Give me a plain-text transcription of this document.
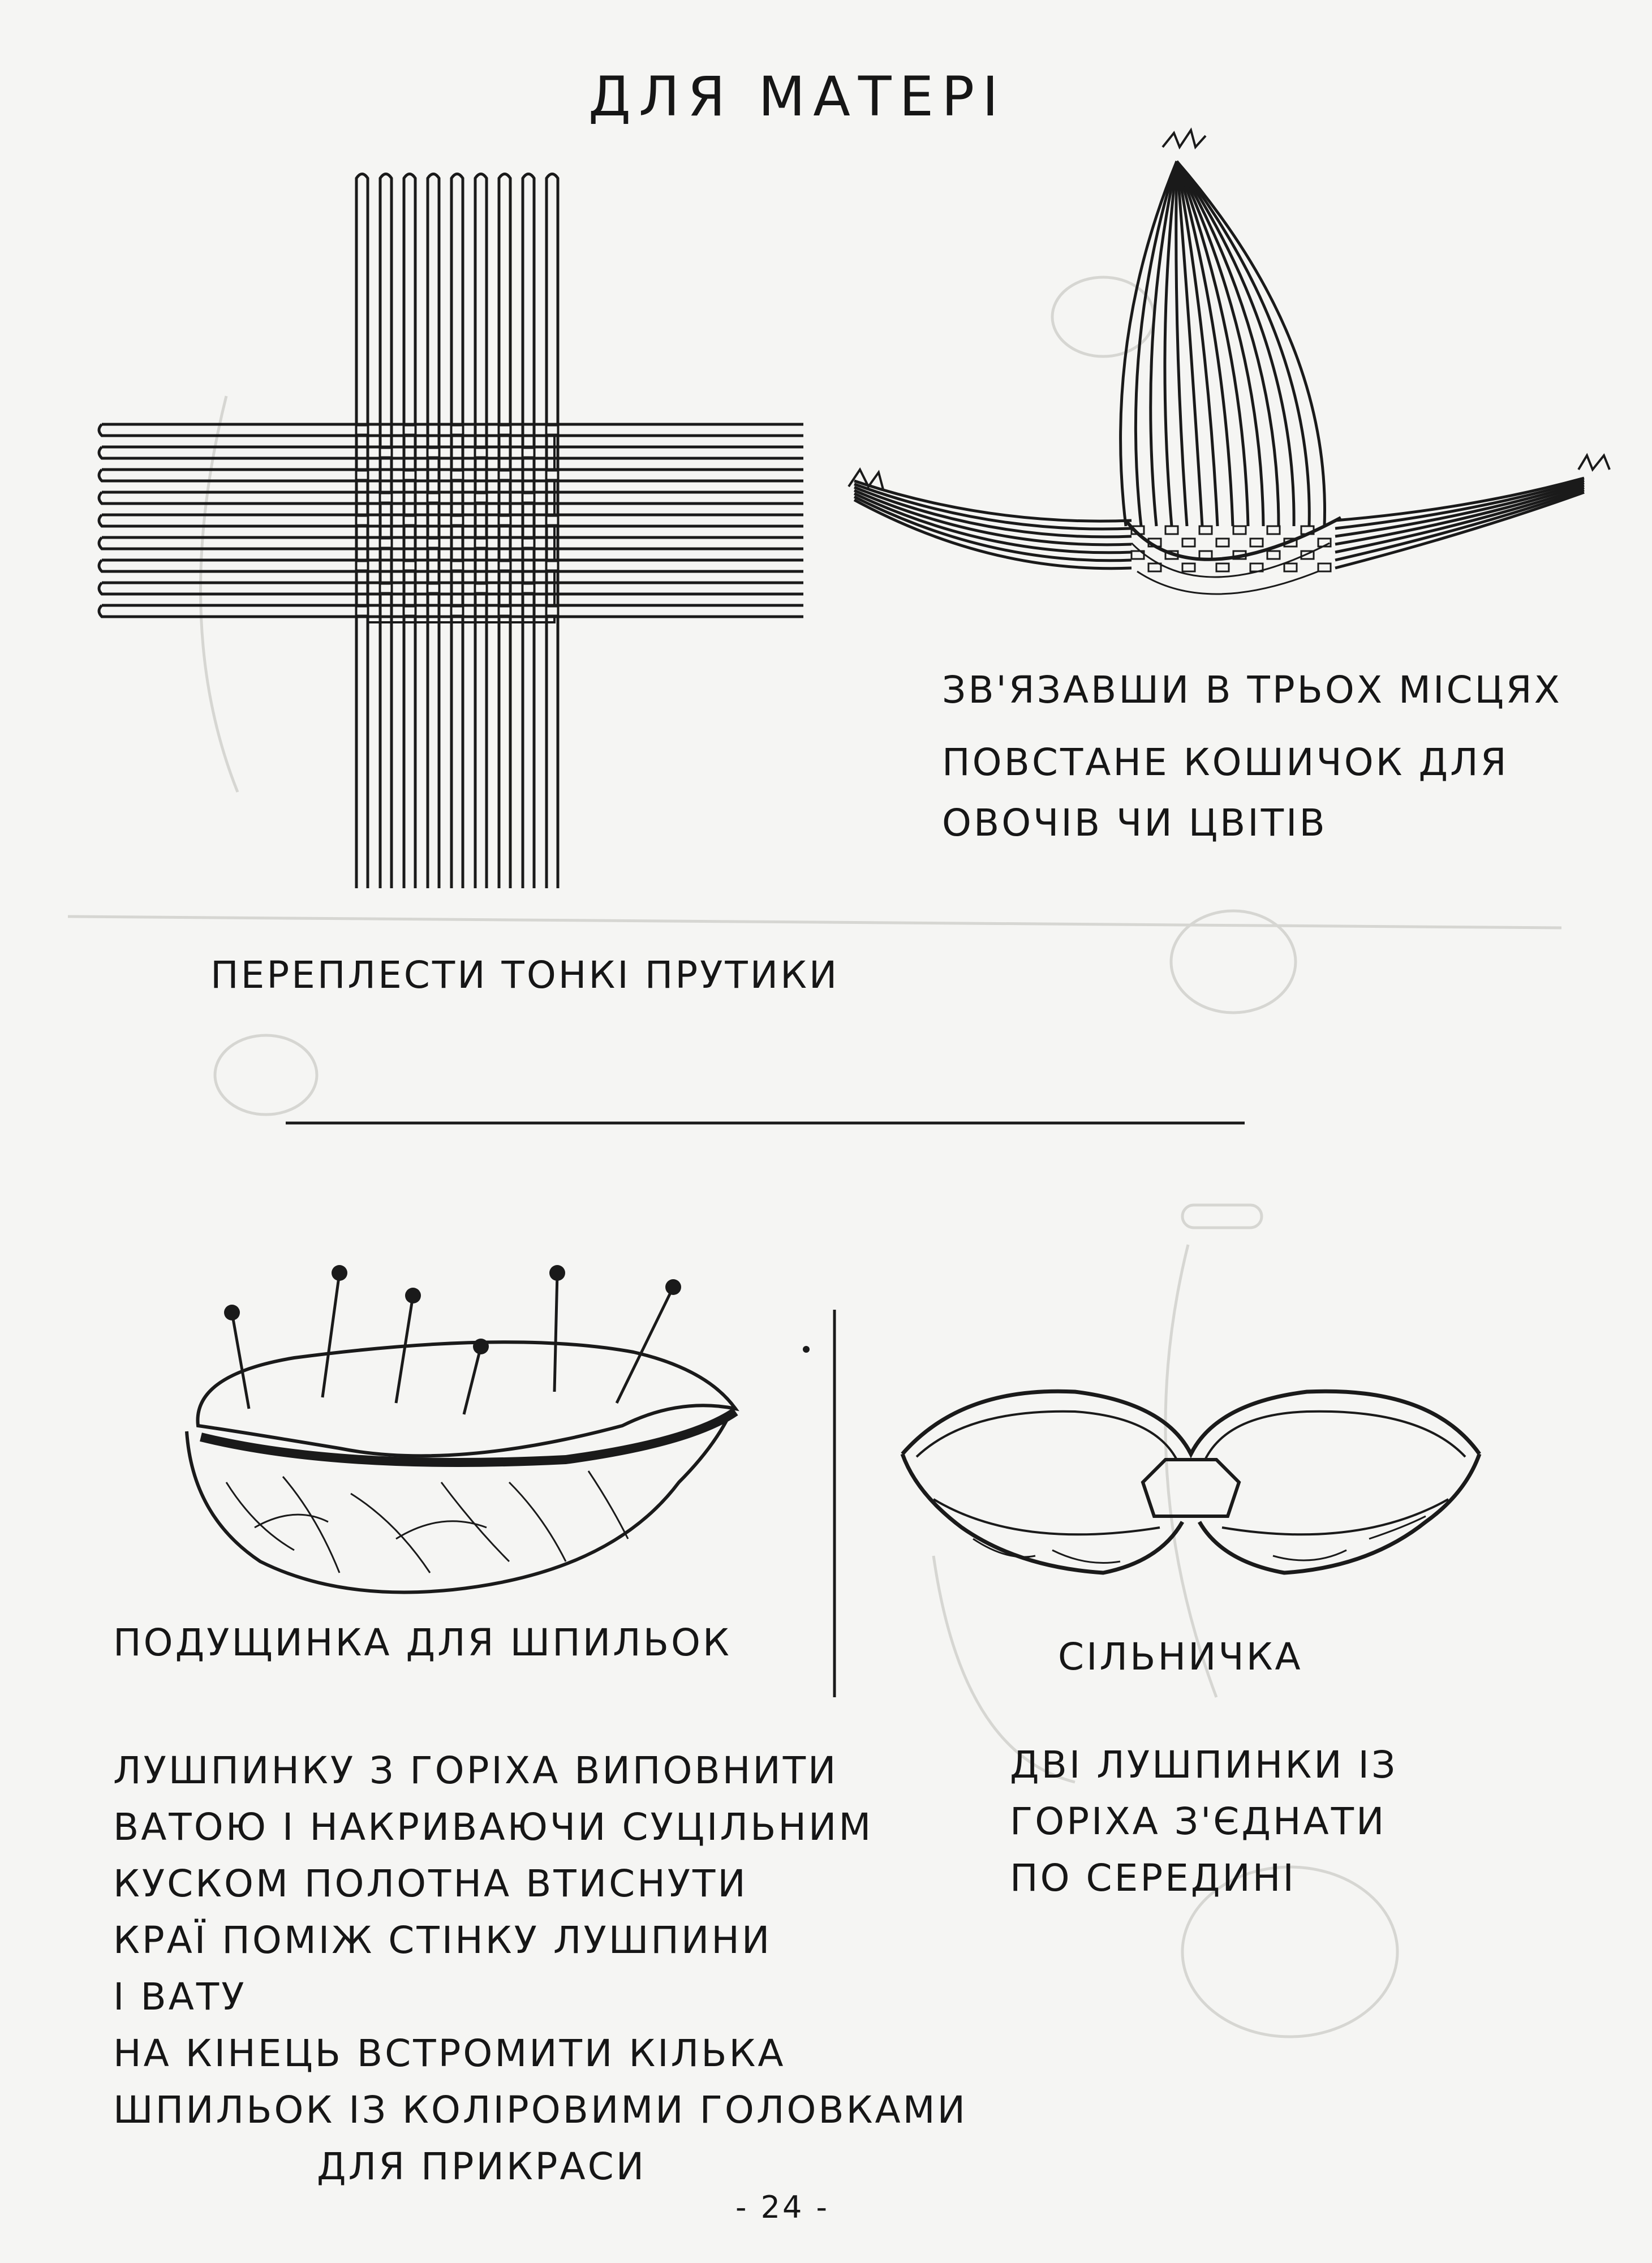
ДЛЯ МАТЕРІ
ПЕРЕПЛЕСТИ ТОНКІ ПРУТИКИ
ЗВ'ЯЗАВШИ В ТРЬОХ МІСЦЯХ
ПОВСТАНЕ КОШИЧОК ДЛЯ
ОВОЧІВ ЧИ ЦВІТІВ
ПОДУЩИНКА ДЛЯ ШПИЛЬОК	СІЛЬНИЧКА
ЛУШПИНКУ З ГОРІХА ВИПОВНИТИ
ВАТОЮ І НАКРИВАЮЧИ СУЦІЛЬНИМ
КУСКОМ ПОЛОТНА ВТИСНУТИ
КРАЇ ПОМІЖ СТІНКУ ЛУШПИНИ
І ВАТУ
НА КІНЕЦЬ ВСТРОМИТИ КІЛЬКА
ШПИЛЬОК ІЗ КОЛІРОВИМИ ГОЛОВКАМИ
ДЛЯ ПРИКРАСИ
ДВІ ЛУШПИНКИ ІЗ
ГОРІХА З'ЄДНАТИ
ПО СЕРЕДИНІ
- 24 -
